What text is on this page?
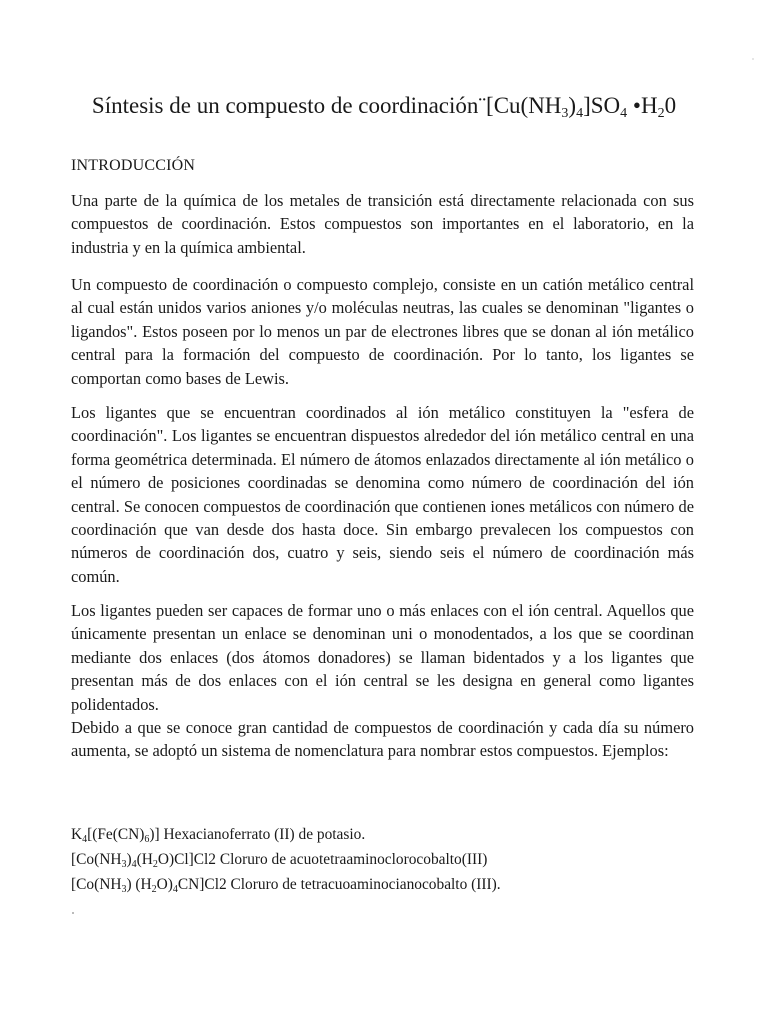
Síntesis de un compuesto de $coordinación¨[Cu(NH_3)_4]SO_4$ $•H_20$
INTRODUCCIÓN

Una parte de la química de los metales de transición está directamente relacionada con sus compuestos de coordinación. Estos compuestos son importantes en el laboratorio, en la industria y en la química ambiental.

Un compuesto de coordinación o compuesto complejo, consiste en un catión metálico central al cual están unidos varios aniones y/o moléculas neutras, las cuales se denominan "ligantes o ligandos". Estos poseen por lo menos un par de electrones libres que se donan al ión metálico central para la formación del compuesto de coordinación. Por lo tanto, los ligantes se comportan como bases de Lewis.

Los ligantes que se encuentran coordinados al ión metálico constituyen la "esfera de coordinación". Los ligantes se encuentran dispuestos alrededor del ión metálico central en una forma geométrica determinada. El número de átomos enlazados directamente al ión metálico o el número de posiciones coordinadas se denomina como número de coordinación del ión central. Se conocen compuestos de coordinación que contienen iones metálicos con número de coordinación que van desde dos hasta doce. Sin embargo prevalecen los compuestos con números de coordinación dos, cuatro y seis, siendo seis el número de coordinación más común.

Los ligantes pueden ser capaces de formar uno o más enlaces con el ión central. Aquellos que únicamente presentan un enlace se denominan uni o monodentados, a los que se coordinan mediante dos enlaces (dos átomos donadores) se llaman bidentados y a los ligantes que presentan más de dos enlaces con el ión central se les designa en general como ligantes polidentados.

Debido a que se conoce gran cantidad de compuestos de coordinación y cada día su número aumenta, se adoptó un sistema de nomenclatura para nombrar estos compuestos. Ejemplos:

$K_4[(Fe(CN)_6)]$ Hexacianoferrato (II) de potasio.
$[Co(NH_3)_4(H_2O)Cl]Cl2$ Cloruro de acuotetraaminoclorocobalto(III)
[$Co(NH_3)$ $(H_2O)_4CN]Cl2$ Cloruro de tetracuoaminocianocobalto (III).
